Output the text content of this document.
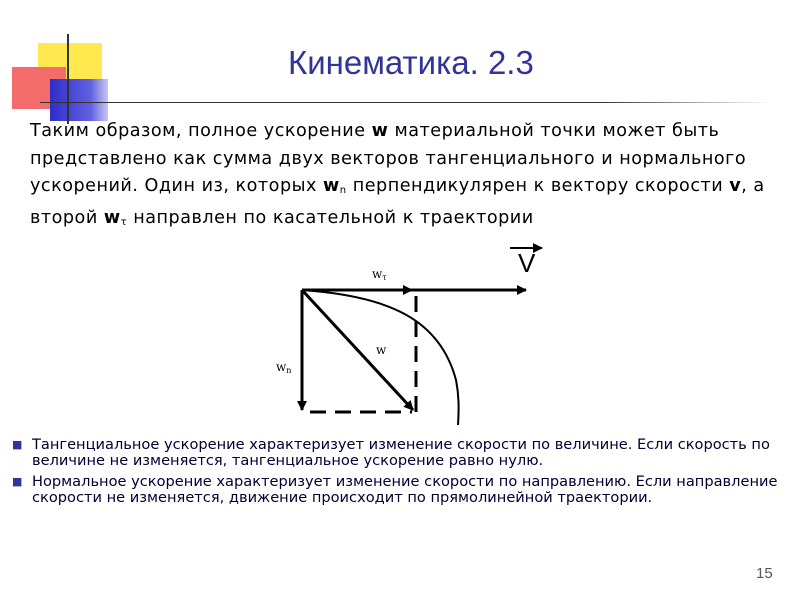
Кинематика. 2.3
Таким образом, полное ускорение w материальной точки может быть представлено как сумма двух векторов тангенциального и нормального ускорений. Один из, которых $w_n$ перпендикулярен к вектору скорости v, а второй $w_\tau$ направлен по касательной к траектории
V
wτ
wn
w
■ Тангенциальное ускорение характеризует изменение скорости по величине. Если скорость по величине не изменяется, тангенциальное ускорение равно нулю.
■ Нормальное ускорение характеризует изменение скорости по направлению. Если направление скорости не изменяется, движение происходит по прямолинейной траектории.
15
